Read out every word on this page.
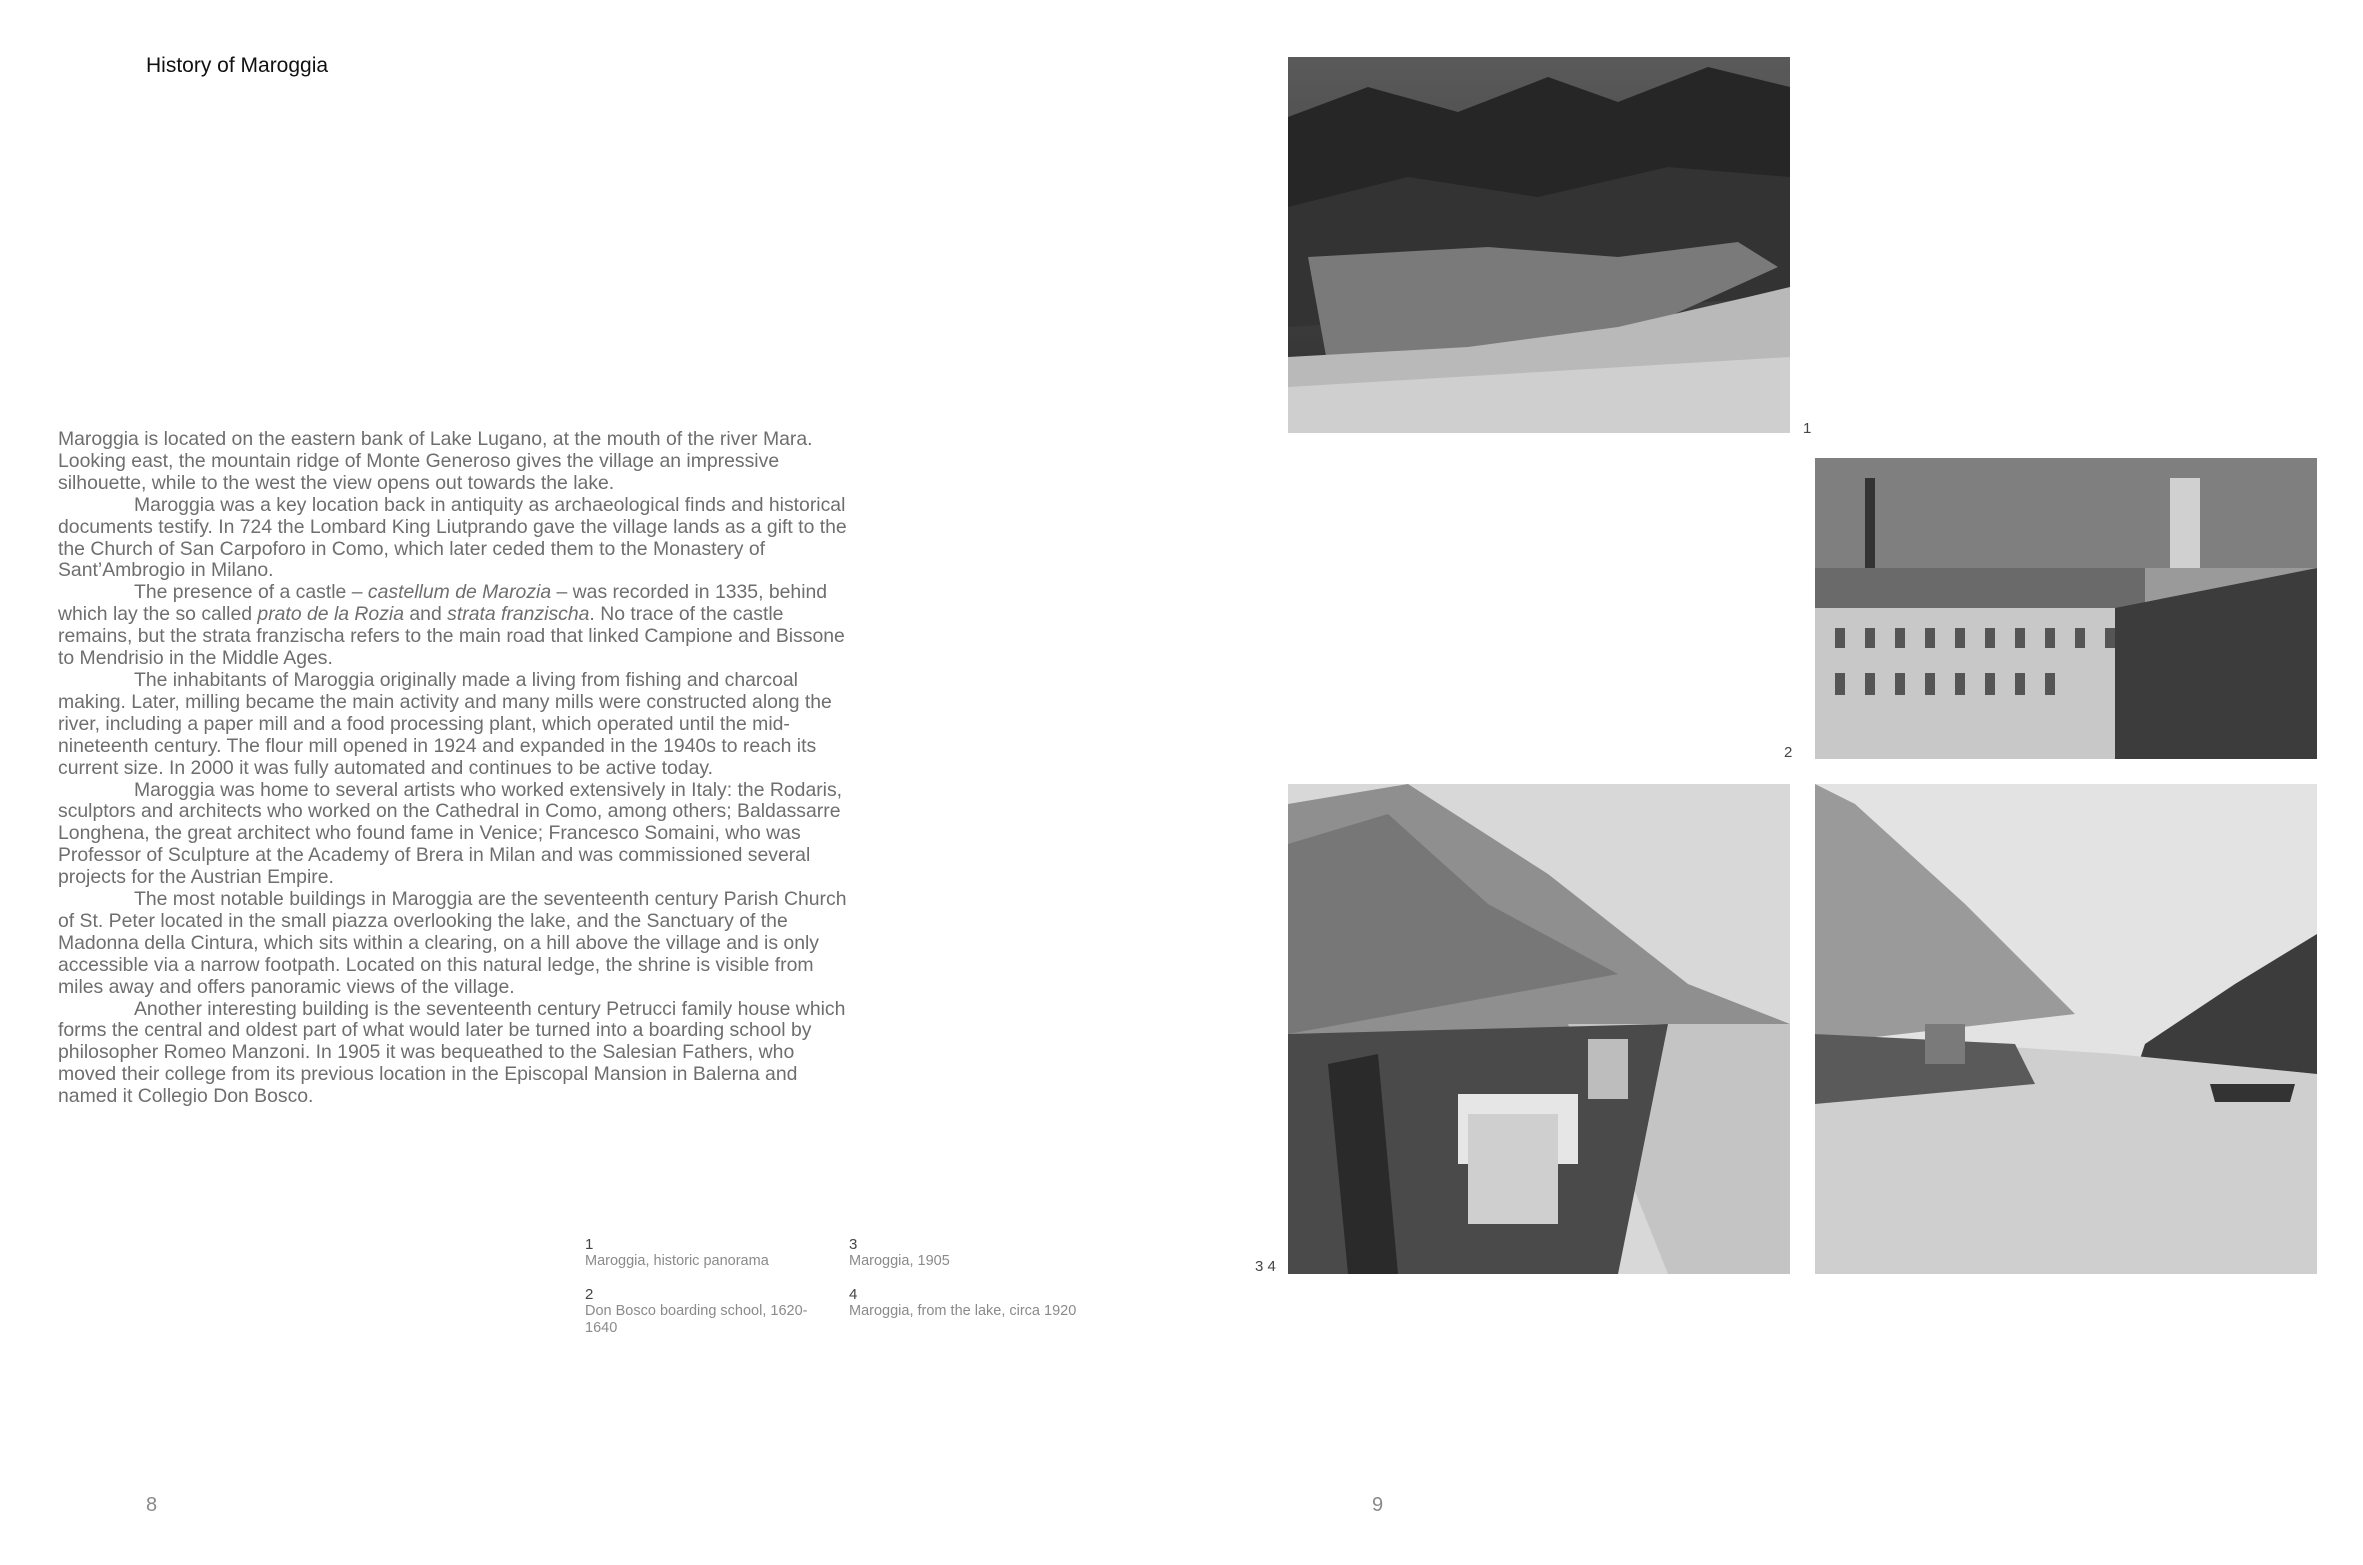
History of Maroggia

Maroggia is located on the eastern bank of Lake Lugano, at the mouth of the river Mara. Looking east, the mountain ridge of Monte Generoso gives the village an impressive silhouette, while to the west the view opens out towards the lake.

Maroggia was a key location back in antiquity as archaeological finds and historical documents testify. In 724 the Lombard King Liutprando gave the village lands as a gift to the the Church of San Carpoforo in Como, which later ceded them to the Monastery of Sant’Ambrogio in Milano.

The presence of a castle – castellum de Marozia – was recorded in 1335, behind which lay the so called prato de la Rozia and strata franzischa. No trace of the castle remains, but the strata franzischa refers to the main road that linked Campione and Bissone to Mendrisio in the Middle Ages.

The inhabitants of Maroggia originally made a living from fishing and charcoal making. Later, milling became the main activity and many mills were constructed along the river, including a paper mill and a food processing plant, which operated until the mid-nineteenth century. The flour mill opened in 1924 and expanded in the 1940s to reach its current size. In 2000 it was fully automated and continues to be active today.

Maroggia was home to several artists who worked extensively in Italy: the Rodaris, sculptors and architects who worked on the Cathedral in Como, among others; Baldassarre Longhena, the great architect who found fame in Venice; Francesco Somaini, who was Professor of Sculpture at the Academy of Brera in Milan and was commissioned several projects for the Austrian Empire.

The most notable buildings in Maroggia are the seventeenth century Parish Church of St. Peter located in the small piazza overlooking the lake, and the Sanctuary of the Madonna della Cintura, which sits within a clearing, on a hill above the village and is only accessible via a narrow footpath. Located on this natural ledge, the shrine is visible from miles away and offers panoramic views of the village.

Another interesting building is the seventeenth century Petrucci family house which forms the central and oldest part of what would later be turned into a boarding school by philosopher Romeo Manzoni. In 1905 it was bequeathed to the Salesian Fathers, who moved their college from its previous location in the Episcopal Mansion in Balerna and named it Collegio Don Bosco.

1
Maroggia, historic panorama
2
Don Bosco boarding school, 1620-1640
3
Maroggia, 1905
4
Maroggia, from the lake, circa 1920
8
1
2
3 4
9
